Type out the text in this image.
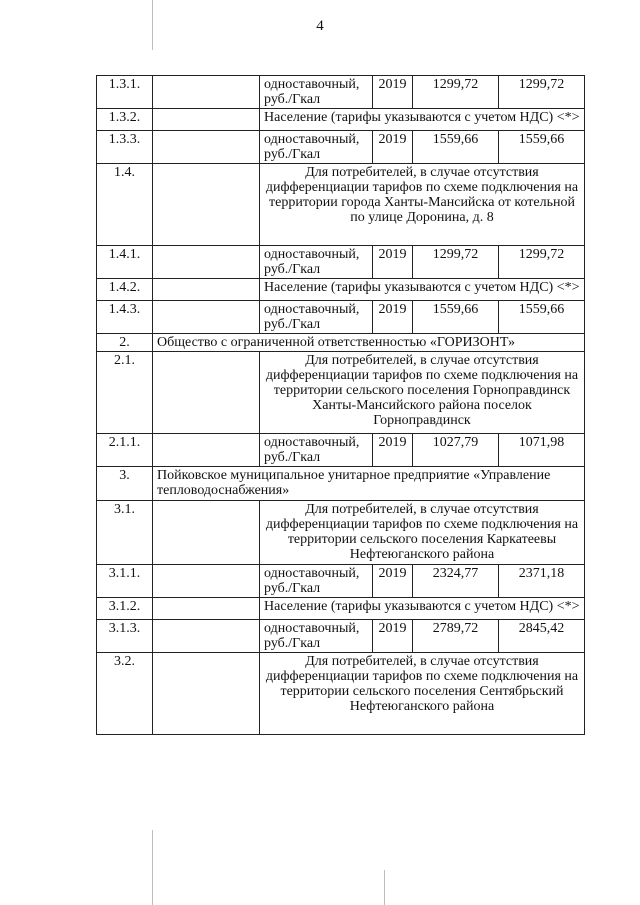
4
1.3.1.		одноставочный, руб./Гкал	2019	1299,72	1299,72
1.3.2.		Население (тарифы указываются с учетом НДС) <*>			
1.3.3.		одноставочный, руб./Гкал	2019	1559,66	1559,66
1.4.		Для потребителей, в случае отсутствия дифференциации тарифов по схеме подключения на территории города Ханты-Мансийска от котельной по улице Доронина, д. 8			
1.4.1.		одноставочный, руб./Гкал	2019	1299,72	1299,72
1.4.2.		Население (тарифы указываются с учетом НДС) <*>			
1.4.3.		одноставочный, руб./Гкал	2019	1559,66	1559,66
2.	Общество с ограниченной ответственностью «ГОРИЗОНТ»				
2.1.		Для потребителей, в случае отсутствия дифференциации тарифов по схеме подключения на территории сельского поселения Горноправдинск Ханты-Мансийского района поселок Горноправдинск			
2.1.1.		одноставочный, руб./Гкал	2019	1027,79	1071,98
3.	Пойковское муниципальное унитарное предприятие «Управление тепловодоснабжения»				
3.1.		Для потребителей, в случае отсутствия дифференциации тарифов по схеме подключения на территории сельского поселения Каркатеевы Нефтеюганского района			
3.1.1.		одноставочный, руб./Гкал	2019	2324,77	2371,18
3.1.2.		Население (тарифы указываются с учетом НДС) <*>			
3.1.3.		одноставочный, руб./Гкал	2019	2789,72	2845,42
3.2.		Для потребителей, в случае отсутствия дифференциации тарифов по схеме подключения на территории сельского поселения Сентябрьский Нефтеюганского района			
